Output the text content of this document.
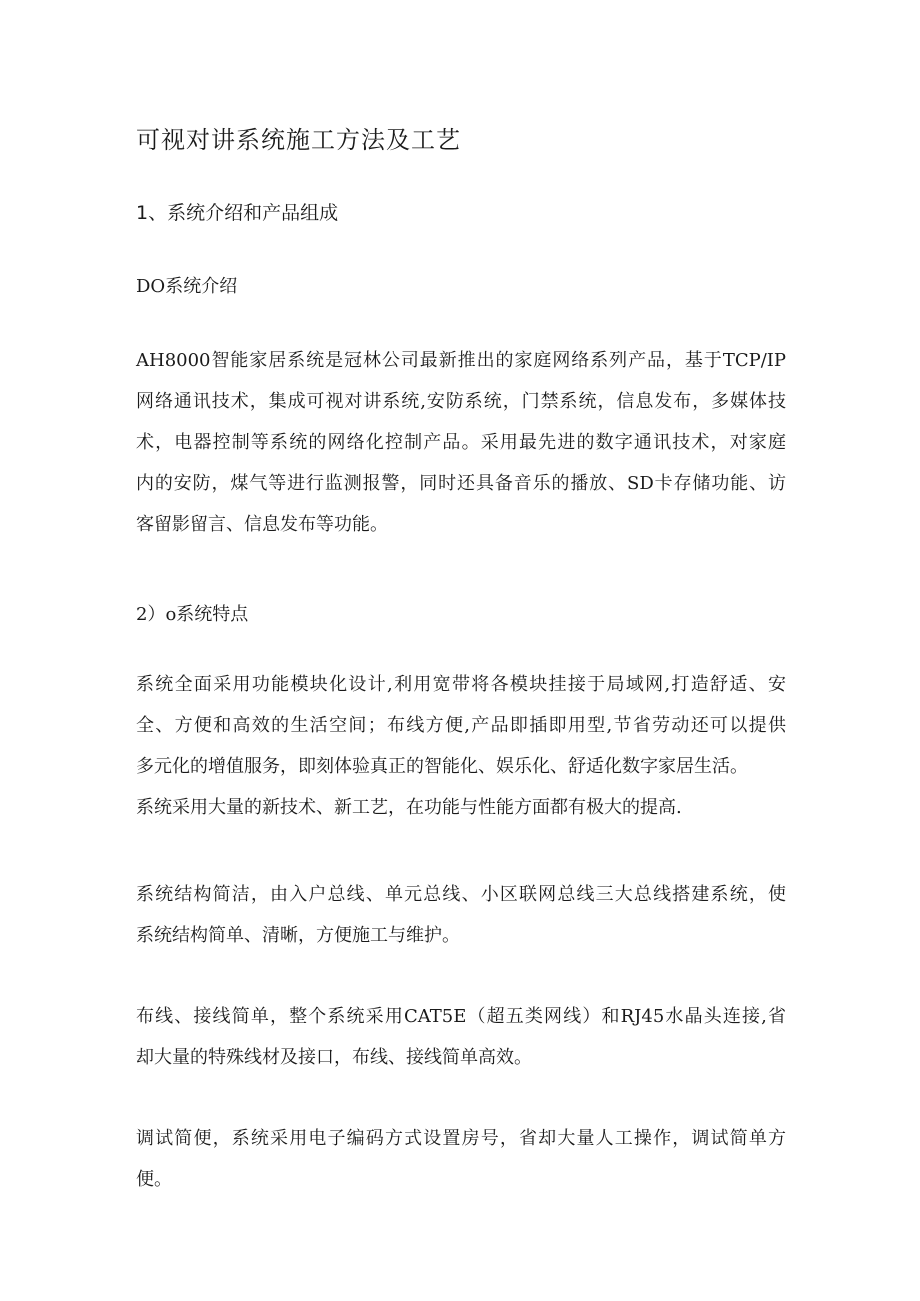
可视对讲系统施工方法及工艺
1、系统介绍和产品组成
DO系统介绍
AH8000智能家居系统是冠林公司最新推出的家庭网络系列产品，基于TCP/IP
网络通讯技术，集成可视对讲系统,安防系统，门禁系统，信息发布，多媒体技
术，电器控制等系统的网络化控制产品。采用最先进的数字通讯技术，对家庭
内的安防，煤气等进行监测报警，同时还具备音乐的播放、SD卡存储功能、访
客留影留言、信息发布等功能。
2）o系统特点
系统全面采用功能模块化设计,利用宽带将各模块挂接于局域网,打造舒适、安
全、方便和高效的生活空间；布线方便,产品即插即用型,节省劳动还可以提供
多元化的增值服务，即刻体验真正的智能化、娱乐化、舒适化数字家居生活。
系统采用大量的新技术、新工艺，在功能与性能方面都有极大的提高.
系统结构简洁，由入户总线、单元总线、小区联网总线三大总线搭建系统，使
系统结构简单、清晰，方便施工与维护。
布线、接线简单，整个系统采用CAT5E（超五类网线）和RJ45水晶头连接,省
却大量的特殊线材及接口，布线、接线简单高效。
调试简便，系统采用电子编码方式设置房号，省却大量人工操作，调试简单方
便。
